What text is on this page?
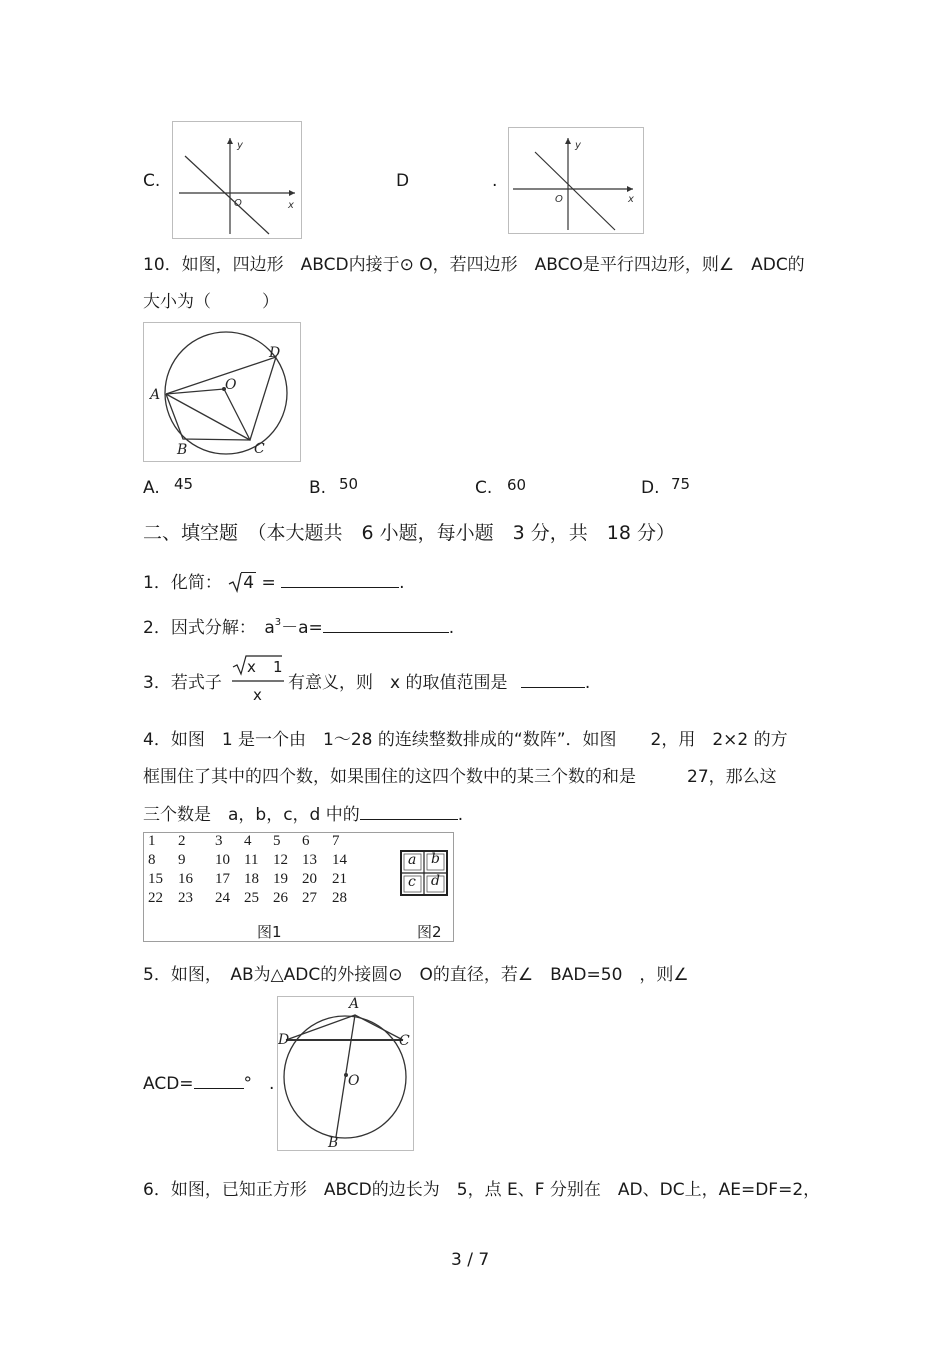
C.
y
x
O
D	.
y
x
O
10．如图，四边形　ABCD内接于⊙ O，若四边形　ABCO是平行四边形，则∠　ADC的
大小为（　　　）
A
B	C
D
O
A. 45	B. 50	C. 60	D. 75
二、填空题　（本大题共　6 小题，每小题　3 分，共　18 分）
1．化简： 4 =	.
2．因式分解：　$a^3-a=$	.
3．若式子
x 1
x
有意义，则　x 的取值范围是	.
4．如图　1 是一个由　1～28 的连续整数排成的“数阵”．如图　　2，用　2×2 的方
框围住了其中的四个数，如果围住的这四个数中的某三个数的和是　　　27，那么这
三个数是　a，b，c，d 中的	.
1 2 3 4 5 6 7
8 9 10 11 12 13 14
15 16 17 18 19 20 21
22 23 24 25 26 27 28
图1	图2
a b
c d
5．如图，　AB为△ADC的外接圆⊙　O的直径，若∠　BAD=50　，则∠
ACD=	°　.
A
B
C
D
O
6．如图，已知正方形　ABCD的边长为　5，点 E、F 分别在　AD、DC上，AE=DF=2，
3 / 7
